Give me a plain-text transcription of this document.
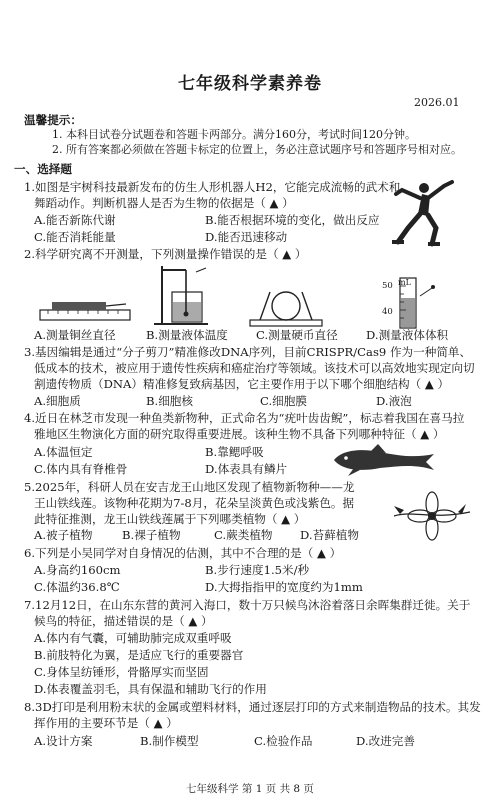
七年级科学素养卷
2026.01
温馨提示：
1. 本科目试卷分试题卷和答题卡两部分。满分160分，考试时间120分钟。
2. 所有答案都必须做在答题卡标定的位置上，务必注意试题序号和答题序号相对应。
一、选择题
1.如图是宇树科技最新发布的仿生人形机器人H2，它能完成流畅的武术和
舞蹈动作。判断机器人是否为生物的依据是（ ▲ ）
A.能否新陈代谢	B.能否根据环境的变化，做出反应
C.能否消耗能量	D.能否迅速移动
2.科学研究离不开测量，下列测量操作错误的是（ ▲ ）
50
40
mL
A.测量铜丝直径	B.测量液体温度 C.测量硬币直径 D.测量液体体积
3.基因编辑是通过“分子剪刀”精准修改DNA序列，目前CRISPR/Cas9 作为一种简单、
低成本的技术，被应用于遗传性疾病和癌症治疗等领域。该技术可以高效地实现定向切
割遗传物质（DNA）精准修复致病基因，它主要作用于以下哪个细胞结构（ ▲ ）
A.细胞质	B.细胞核	C.细胞膜	D.液泡
4.近日在林芝市发现一种鱼类新物种，正式命名为“疣叶齿齿鲵”，标志着我国在喜马拉
雅地区生物演化方面的研究取得重要进展。该种生物不具备下列哪种特征（ ▲ ）
A.体温恒定	B.靠鳃呼吸
C.体内具有脊椎骨	D.体表具有鳞片
5.2025年，科研人员在安吉龙王山地区发现了植物新物种——龙
王山铁线莲。该物种花期为7-8月，花朵呈淡黄色或浅紫色。据
此特征推测，龙王山铁线莲属于下列哪类植物（ ▲ ）
A.被子植物	B.裸子植物	C.蕨类植物 D.苔藓植物
6.下列是小吴同学对自身情况的估测，其中不合理的是（ ▲ ）
A.身高约160cm	B.步行速度1.5米/秒
C.体温约36.8℃	D.大拇指指甲的宽度约为1mm
7.12月12日，在山东东营的黄河入海口，数十万只候鸟沐浴着落日余晖集群迁徙。关于
候鸟的特征，描述错误的是（ ▲ ）
A.体内有气囊，可辅助肺完成双重呼吸
B.前肢特化为翼，是适应飞行的重要器官
C.身体呈纺锤形，骨骼厚实而坚固
D.体表覆盖羽毛，具有保温和辅助飞行的作用
8.3D打印是利用粉末状的金属或塑料材料，通过逐层打印的方式来制造物品的技术。其发
挥作用的主要环节是（ ▲ ）
A.设计方案	B.制作模型	C.检验作品	D.改进完善
七年级科学 第 1 页 共 8 页
